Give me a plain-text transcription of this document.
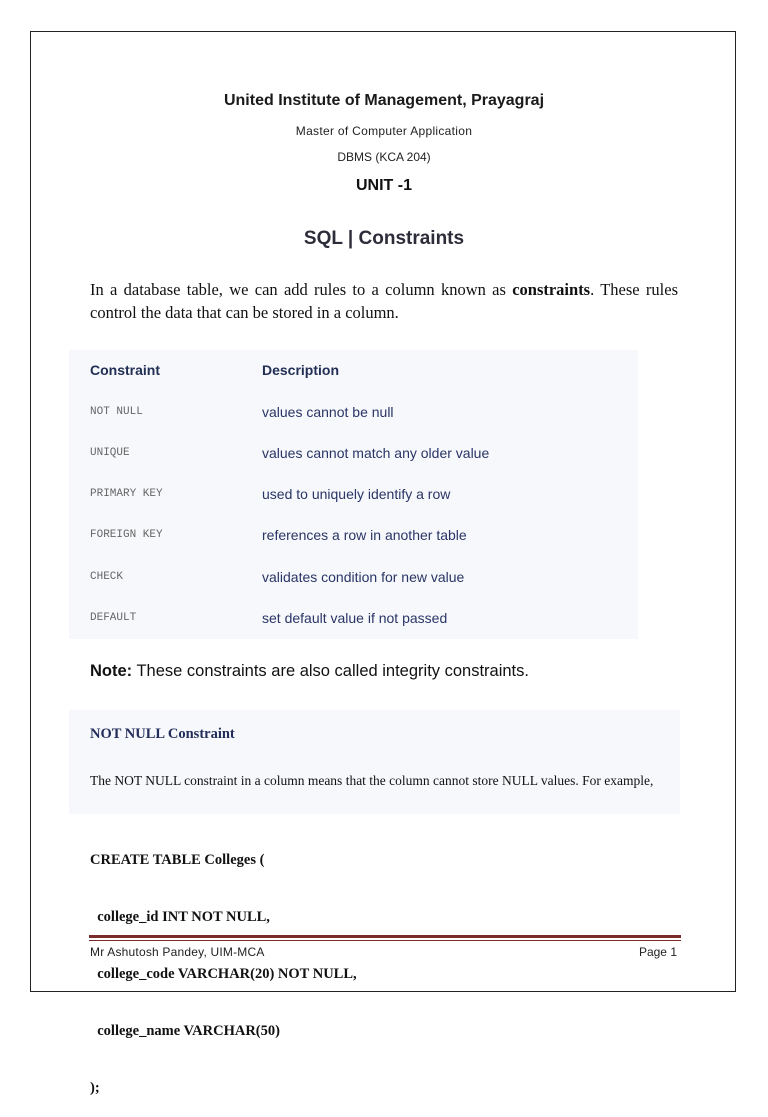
United Institute of Management, Prayagraj
Master of Computer Application
DBMS (KCA 204)
UNIT -1
SQL | Constraints
In a database table, we can add rules to a column known as constraints. These rules control the data that can be stored in a column.
Constraint	Description
NOT NULL	values cannot be null
UNIQUE	values cannot match any older value
PRIMARY KEY	used to uniquely identify a row
FOREIGN KEY	references a row in another table
CHECK	validates condition for new value
DEFAULT	set default value if not passed
Note: These constraints are also called integrity constraints.
NOT NULL Constraint
The NOT NULL constraint in a column means that the column cannot store NULL values. For example,

CREATE TABLE Colleges (

college_id INT NOT NULL,

college_code VARCHAR(20) NOT NULL,

college_name VARCHAR(50)

);

Mr Ashutosh Pandey, UIM-MCA	Page 1
